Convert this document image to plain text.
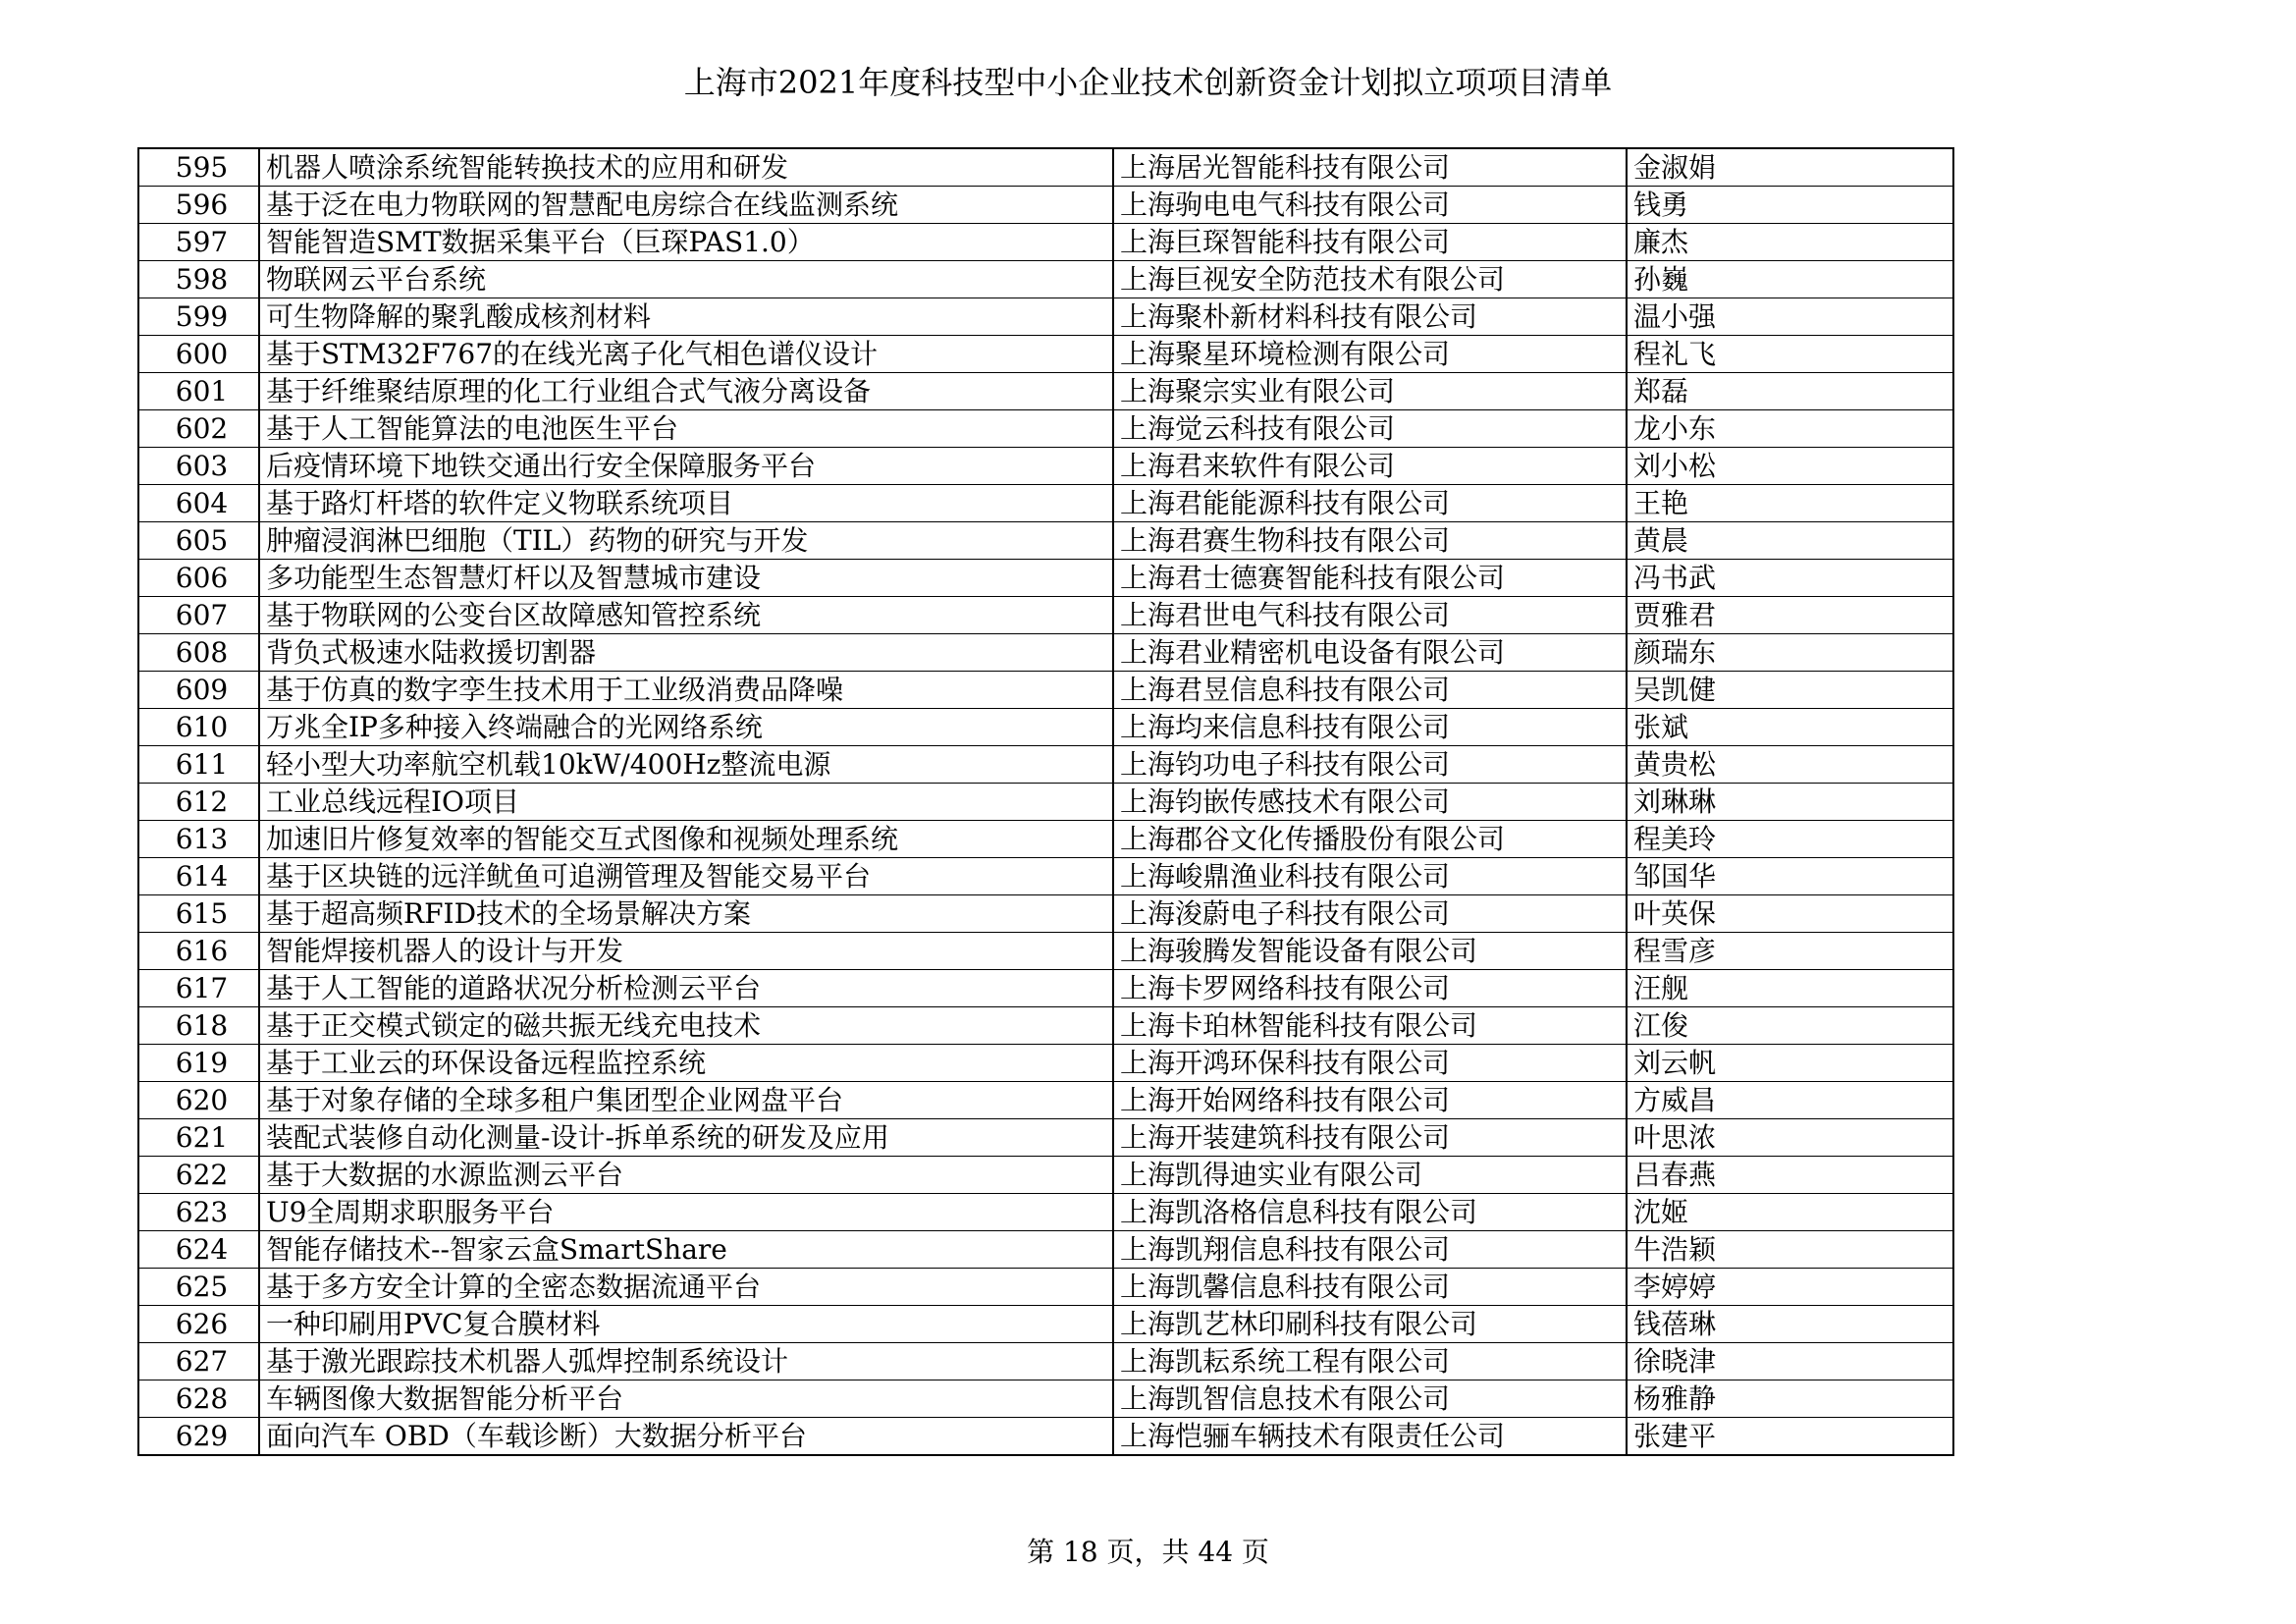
上海市2021年度科技型中小企业技术创新资金计划拟立项项目清单
595	机器人喷涂系统智能转换技术的应用和研发	上海居光智能科技有限公司	金淑娟
596	基于泛在电力物联网的智慧配电房综合在线监测系统	上海驹电电气科技有限公司	钱勇
597	智能智造SMT数据采集平台（巨琛PAS1.0）	上海巨琛智能科技有限公司	廉杰
598	物联网云平台系统	上海巨视安全防范技术有限公司	孙巍
599	可生物降解的聚乳酸成核剂材料	上海聚朴新材料科技有限公司	温小强
600	基于STM32F767的在线光离子化气相色谱仪设计	上海聚星环境检测有限公司	程礼飞
601	基于纤维聚结原理的化工行业组合式气液分离设备	上海聚宗实业有限公司	郑磊
602	基于人工智能算法的电池医生平台	上海觉云科技有限公司	龙小东
603	后疫情环境下地铁交通出行安全保障服务平台	上海君来软件有限公司	刘小松
604	基于路灯杆塔的软件定义物联系统项目	上海君能能源科技有限公司	王艳
605	肿瘤浸润淋巴细胞（TIL）药物的研究与开发	上海君赛生物科技有限公司	黄晨
606	多功能型生态智慧灯杆以及智慧城市建设	上海君士德赛智能科技有限公司	冯书武
607	基于物联网的公变台区故障感知管控系统	上海君世电气科技有限公司	贾雅君
608	背负式极速水陆救援切割器	上海君业精密机电设备有限公司	颜瑞东
609	基于仿真的数字孪生技术用于工业级消费品降噪	上海君昱信息科技有限公司	吴凯健
610	万兆全IP多种接入终端融合的光网络系统	上海均来信息科技有限公司	张斌
611	轻小型大功率航空机载10kW/400Hz整流电源	上海钧功电子科技有限公司	黄贵松
612	工业总线远程IO项目	上海钧嵌传感技术有限公司	刘琳琳
613	加速旧片修复效率的智能交互式图像和视频处理系统	上海郡谷文化传播股份有限公司	程美玲
614	基于区块链的远洋鱿鱼可追溯管理及智能交易平台	上海峻鼎渔业科技有限公司	邹国华
615	基于超高频RFID技术的全场景解决方案	上海浚蔚电子科技有限公司	叶英保
616	智能焊接机器人的设计与开发	上海骏腾发智能设备有限公司	程雪彦
617	基于人工智能的道路状况分析检测云平台	上海卡罗网络科技有限公司	汪舰
618	基于正交模式锁定的磁共振无线充电技术	上海卡珀林智能科技有限公司	江俊
619	基于工业云的环保设备远程监控系统	上海开鸿环保科技有限公司	刘云帆
620	基于对象存储的全球多租户集团型企业网盘平台	上海开始网络科技有限公司	方威昌
621	装配式装修自动化测量-设计-拆单系统的研发及应用	上海开装建筑科技有限公司	叶思浓
622	基于大数据的水源监测云平台	上海凯得迪实业有限公司	吕春燕
623	U9全周期求职服务平台	上海凯洛格信息科技有限公司	沈姬
624	智能存储技术--智家云盒SmartShare	上海凯翔信息科技有限公司	牛浩颖
625	基于多方安全计算的全密态数据流通平台	上海凯馨信息科技有限公司	李婷婷
626	一种印刷用PVC复合膜材料	上海凯艺林印刷科技有限公司	钱蓓琳
627	基于激光跟踪技术机器人弧焊控制系统设计	上海凯耘系统工程有限公司	徐晓津
628	车辆图像大数据智能分析平台	上海凯智信息技术有限公司	杨雅静
629	面向汽车 OBD（车载诊断）大数据分析平台	上海恺骊车辆技术有限责任公司	张建平
第 18 页，共 44 页
